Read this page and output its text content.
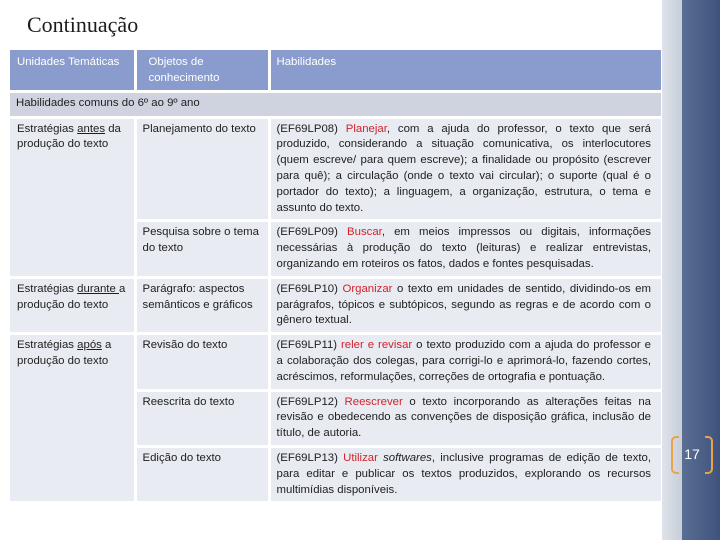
17
Continuação
Unidades Temáticas	Objetos de conhecimento	Habilidades
Habilidades comuns do 6º ao 9º ano		
Estratégias antes da produção do texto	Planejamento do texto	(EF69LP08) Planejar, com a ajuda do professor, o texto que será produzido, considerando a situação comunicativa, os interlocutores (quem escreve/ para quem escreve); a finalidade ou propósito (escrever para quê); a circulação (onde o texto vai circular); o suporte (qual é o portador do texto); a linguagem, a organização, estrutura, o tema e assunto do texto.
	Pesquisa sobre o tema do texto	(EF69LP09) Buscar, em meios impressos ou digitais, informações necessárias à produção do texto (leituras) e realizar entrevistas, organizando em roteiros os fatos, dados e fontes pesquisadas.
Estratégias durante a produção do texto	Parágrafo: aspectos semânticos e gráficos	(EF69LP10) Organizar o texto em unidades de sentido, dividindo-os em parágrafos, tópicos e subtópicos, segundo as regras e de acordo com o gênero textual.
Estratégias após a produção do texto	Revisão do texto	(EF69LP11) reler e revisar o texto produzido com a ajuda do professor e a colaboração dos colegas, para corrigi-lo e aprimorá-lo, fazendo cortes, acréscimos, reformulações, correções de ortografia e pontuação.
	Reescrita do texto	(EF69LP12) Reescrever o texto incorporando as alterações feitas na revisão e obedecendo as convenções de disposição gráfica, inclusão de título, de autoria.
	Edição do texto	(EF69LP13) Utilizar softwares, inclusive programas de edição de texto, para editar e publicar os textos produzidos, explorando os recursos multimídias disponíveis.
